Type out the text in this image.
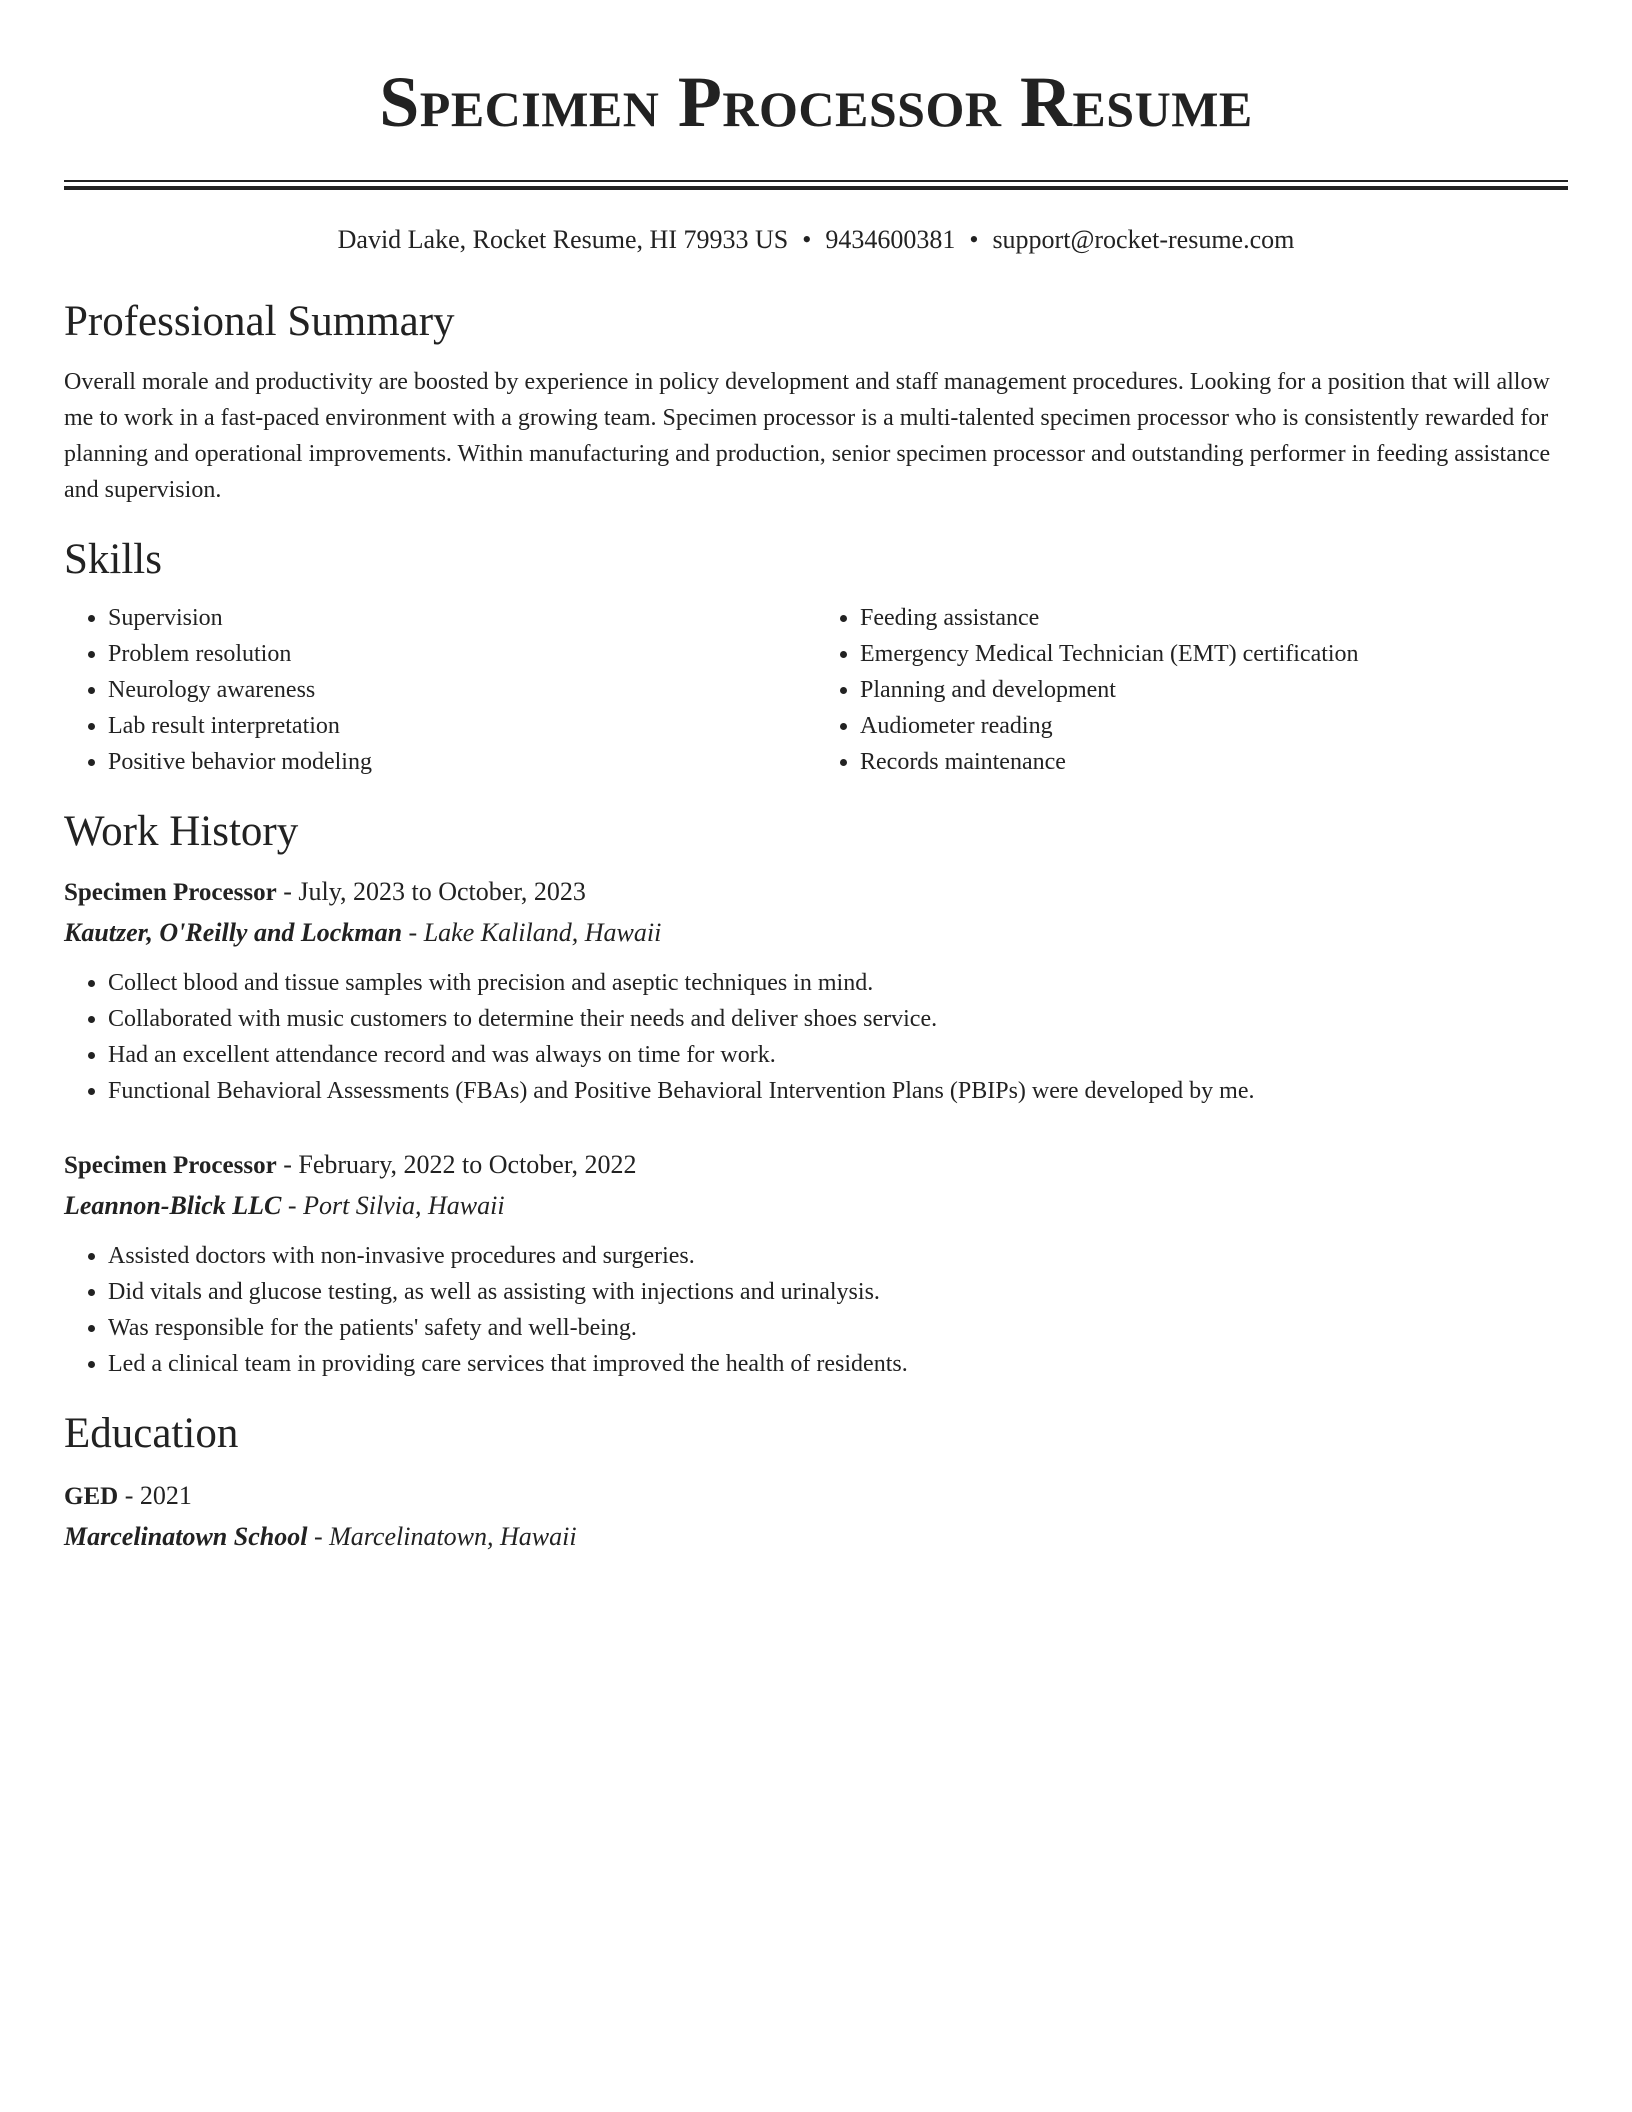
Specimen Processor Resume
David Lake, Rocket Resume, HI 79933 US • 9434600381 • support@rocket-resume.com
Professional Summary

Overall morale and productivity are boosted by experience in policy development and staff management procedures. Looking for a position that will allow me to work in a fast-paced environment with a growing team. Specimen processor is a multi-talented specimen processor who is consistently rewarded for planning and operational improvements. Within manufacturing and production, senior specimen processor and outstanding performer in feeding assistance and supervision.

Skills
• Supervision
• Problem resolution
• Neurology awareness
• Lab result interpretation
• Positive behavior modeling
• Feeding assistance
• Emergency Medical Technician (EMT) certification
• Planning and development
• Audiometer reading
• Records maintenance
Work History
Specimen Processor - July, 2023 to October, 2023
Kautzer, O'Reilly and Lockman - Lake Kaliland, Hawaii
• Collect blood and tissue samples with precision and aseptic techniques in mind.
• Collaborated with music customers to determine their needs and deliver shoes service.
• Had an excellent attendance record and was always on time for work.
• Functional Behavioral Assessments (FBAs) and Positive Behavioral Intervention Plans (PBIPs) were developed by me.
Specimen Processor - February, 2022 to October, 2022
Leannon-Blick LLC - Port Silvia, Hawaii
• Assisted doctors with non-invasive procedures and surgeries.
• Did vitals and glucose testing, as well as assisting with injections and urinalysis.
• Was responsible for the patients' safety and well-being.
• Led a clinical team in providing care services that improved the health of residents.
Education
GED - 2021
Marcelinatown School - Marcelinatown, Hawaii
